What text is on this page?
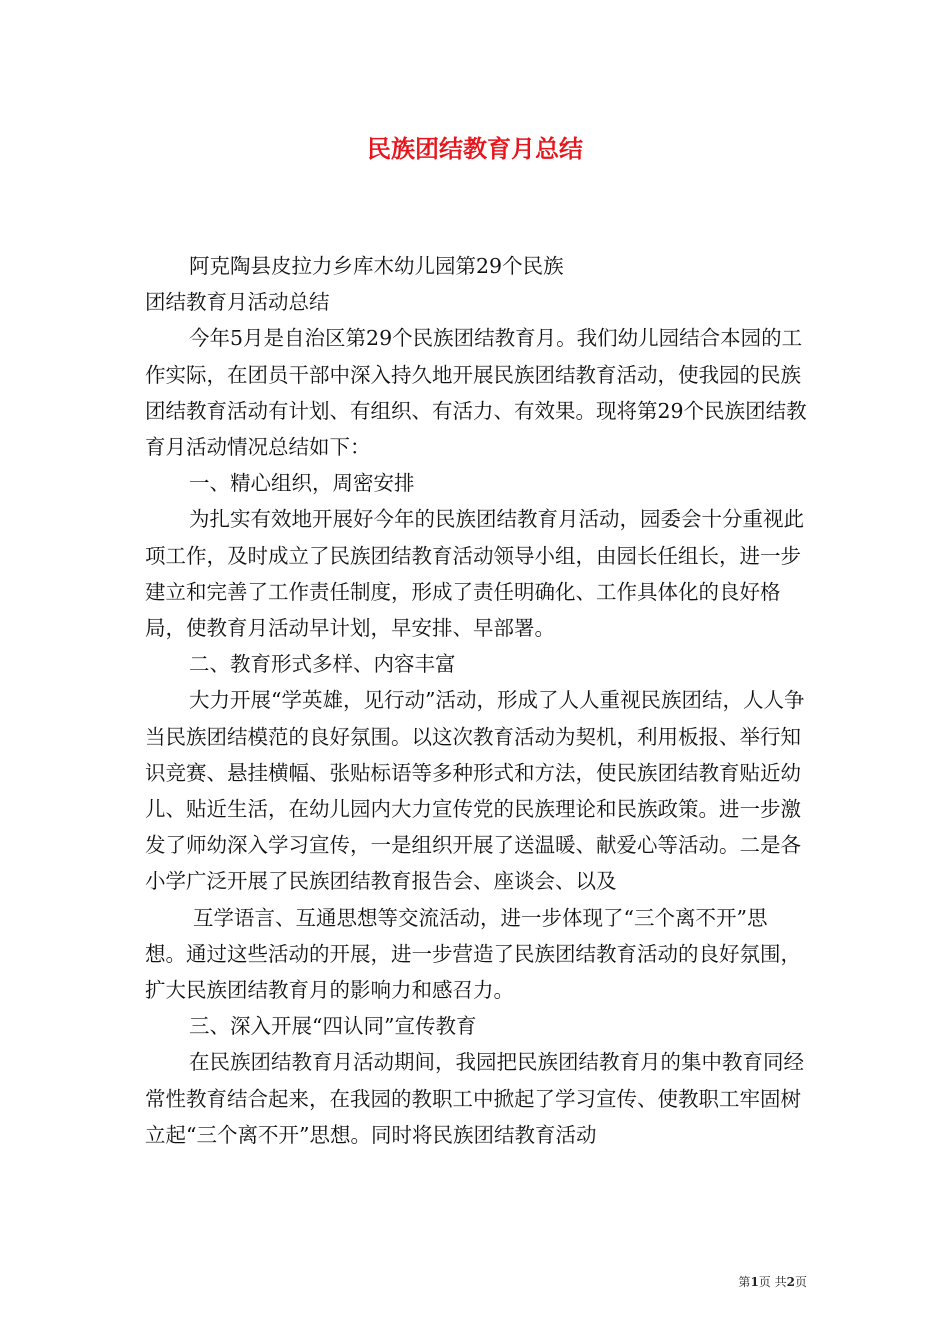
民族团结教育月总结

阿克陶县皮拉力乡库木幼儿园第29个民族

团结教育月活动总结

今年5月是自治区第29个民族团结教育月。我们幼儿园结合本园的工作实际，在团员干部中深入持久地开展民族团结教育活动，使我园的民族团结教育活动有计划、有组织、有活力、有效果。现将第29个民族团结教育月活动情况总结如下：

一、精心组织，周密安排

为扎实有效地开展好今年的民族团结教育月活动，园委会十分重视此项工作，及时成立了民族团结教育活动领导小组，由园长任组长，进一步建立和完善了工作责任制度，形成了责任明确化、工作具体化的良好格局，使教育月活动早计划，早安排、早部署。

二、教育形式多样、内容丰富

大力开展“学英雄，见行动”活动，形成了人人重视民族团结，人人争当民族团结模范的良好氛围。以这次教育活动为契机，利用板报、举行知识竞赛、悬挂横幅、张贴标语等多种形式和方法，使民族团结教育贴近幼儿、贴近生活，在幼儿园内大力宣传党的民族理论和民族政策。进一步激发了师幼深入学习宣传，一是组织开展了送温暖、献爱心等活动。二是各小学广泛开展了民族团结教育报告会、座谈会、以及

互学语言、互通思想等交流活动，进一步体现了“三个离不开”思想。通过这些活动的开展，进一步营造了民族团结教育活动的良好氛围，扩大民族团结教育月的影响力和感召力。

三、深入开展“四认同”宣传教育

在民族团结教育月活动期间，我园把民族团结教育月的集中教育同经常性教育结合起来，在我园的教职工中掀起了学习宣传、使教职工牢固树立起“三个离不开”思想。同时将民族团结教育活动

第1页 共2页
